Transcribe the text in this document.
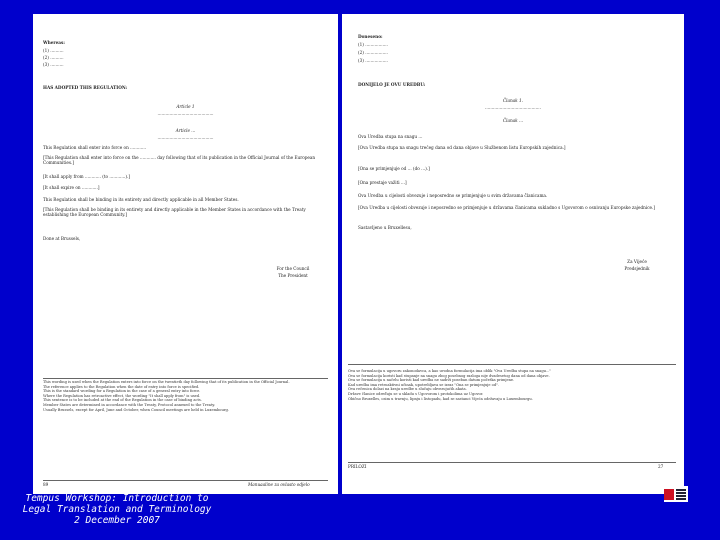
Whereas:
(1) ..........
(2) ..........
(3) ..........
HAS ADOPTED THIS REGULATION:
Article 1
..........................................
Article ...
..........................................
This Regulation shall enter into force on ............
[This Regulation shall enter into force on the ............ day following that of its publication in the Official Journal of the European Communities.]
[It shall apply from ............ (to ............).]
[It shall expire on ............]
This Regulation shall be binding in its entirety and directly applicable in all Member States.
[This Regulation shall be binding in its entirety and directly applicable in the Member States in accordance with the Treaty establishing the European Community.]
Done at Brussels,
For the Council
The President
This wording is used when the Regulation enters into force on the twentieth day following that of its publication in the Official Journal.
The reference applies to the Regulation when the date of entry into force is specified.
This is the standard wording for a Regulation in the case of a general entry into force.
Where the Regulation has retroactive effect, the wording "It shall apply from" is used.
This sentence is to be included at the end of the Regulation in the case of binding acts.
Member States are determined in accordance with the Treaty, Protocol annexed to the Treaty.
Usually Brussels, except for April, June and October, when Council meetings are held in Luxembourg.
89	Manuaaline za ovlasto odjelo
Doneseno:
(1) .................
(2) .................
(3) .................
DONIJELO JE OVU UREDBU:
Članak 1.
..........................................
Članak ...
Ova Uredba stupa na snagu ...
[Ova Uredba stupa na snagu trećeg dana od dana objave u Službenom listu Europskih zajednica.]
[Ona se primjenjuje od ... (do ...).]
[Ona prestaje važiti ...]
Ova Uredba u cijelosti obvezuje i neposredno se primjenjuje u svim državama članicama.
[Ova Uredba u cijelosti obvezuje i neposredno se primjenjuje u državama članicama sukladno s Ugovorom o osnivanju Europske zajednice.]
Sastavljeno u Bruxellesu,
Za Vijeće
Predsjednik
Ova se formulacija u ugovoru zakonodavca, a kao uvodna formulacija ima oblik "Ova Uredba stupa na snagu..."
Ova se formulacija koristi kad stupanje na snagu zbog posebnog razloga nije dvadesetog dana od dana objave.
Ova se formulacija u načelu koristi kad uredba ne sadrži poseban datum početka primjene.
Kad uredba ima retroaktivni učinak, upotrebljava se izraz "Ona se primjenjuje od".
Ova rečenica dolazi na kraju uredbe u slučaju obvezujućih akata.
Države članice određuju se u skladu s Ugovorom i protokolima uz Ugovor.
Obično Bruxelles, osim u travnju, lipnju i listopadu, kad se sastanci Vijeća održavaju u Luxembourgu.
PRILOZI	27
Tempus Workshop: Introduction to
Legal Translation and Terminology
2 December 2007
